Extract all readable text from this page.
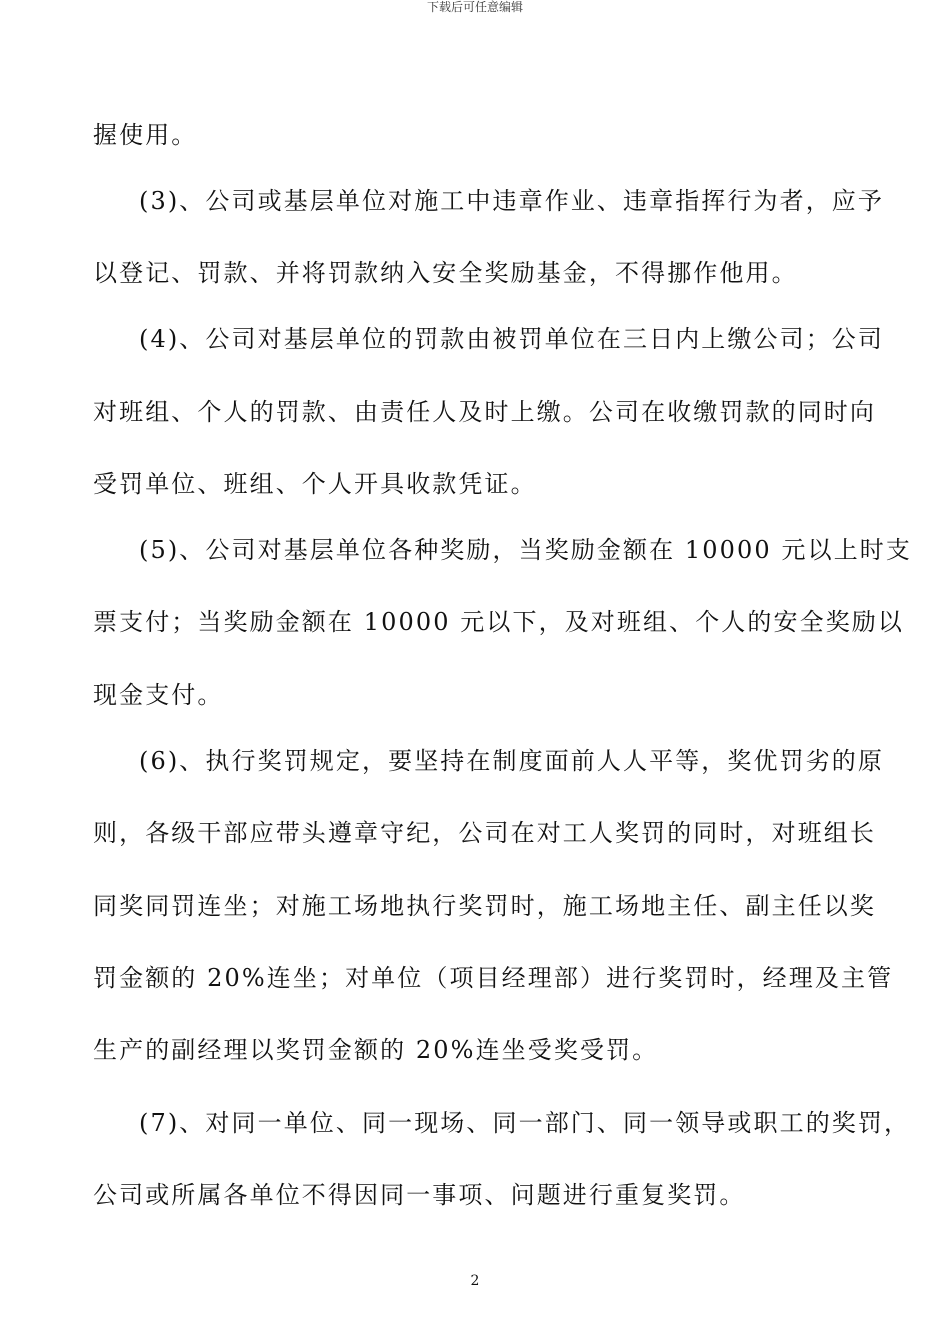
下载后可任意编辑
握使用。
(3)、公司或基层单位对施工中违章作业、违章指挥行为者，应予
以登记、罚款、并将罚款纳入安全奖励基金，不得挪作他用。
(4)、公司对基层单位的罚款由被罚单位在三日内上缴公司；公司
对班组、个人的罚款、由责任人及时上缴。公司在收缴罚款的同时向
受罚单位、班组、个人开具收款凭证。
(5)、公司对基层单位各种奖励，当奖励金额在 10000 元以上时支
票支付；当奖励金额在 10000 元以下，及对班组、个人的安全奖励以
现金支付。
(6)、执行奖罚规定，要坚持在制度面前人人平等，奖优罚劣的原
则，各级干部应带头遵章守纪，公司在对工人奖罚的同时，对班组长
同奖同罚连坐；对施工场地执行奖罚时，施工场地主任、副主任以奖
罚金额的 20%连坐；对单位（项目经理部）进行奖罚时，经理及主管
生产的副经理以奖罚金额的 20%连坐受奖受罚。
(7)、对同一单位、同一现场、同一部门、同一领导或职工的奖罚，
公司或所属各单位不得因同一事项、问题进行重复奖罚。
2
